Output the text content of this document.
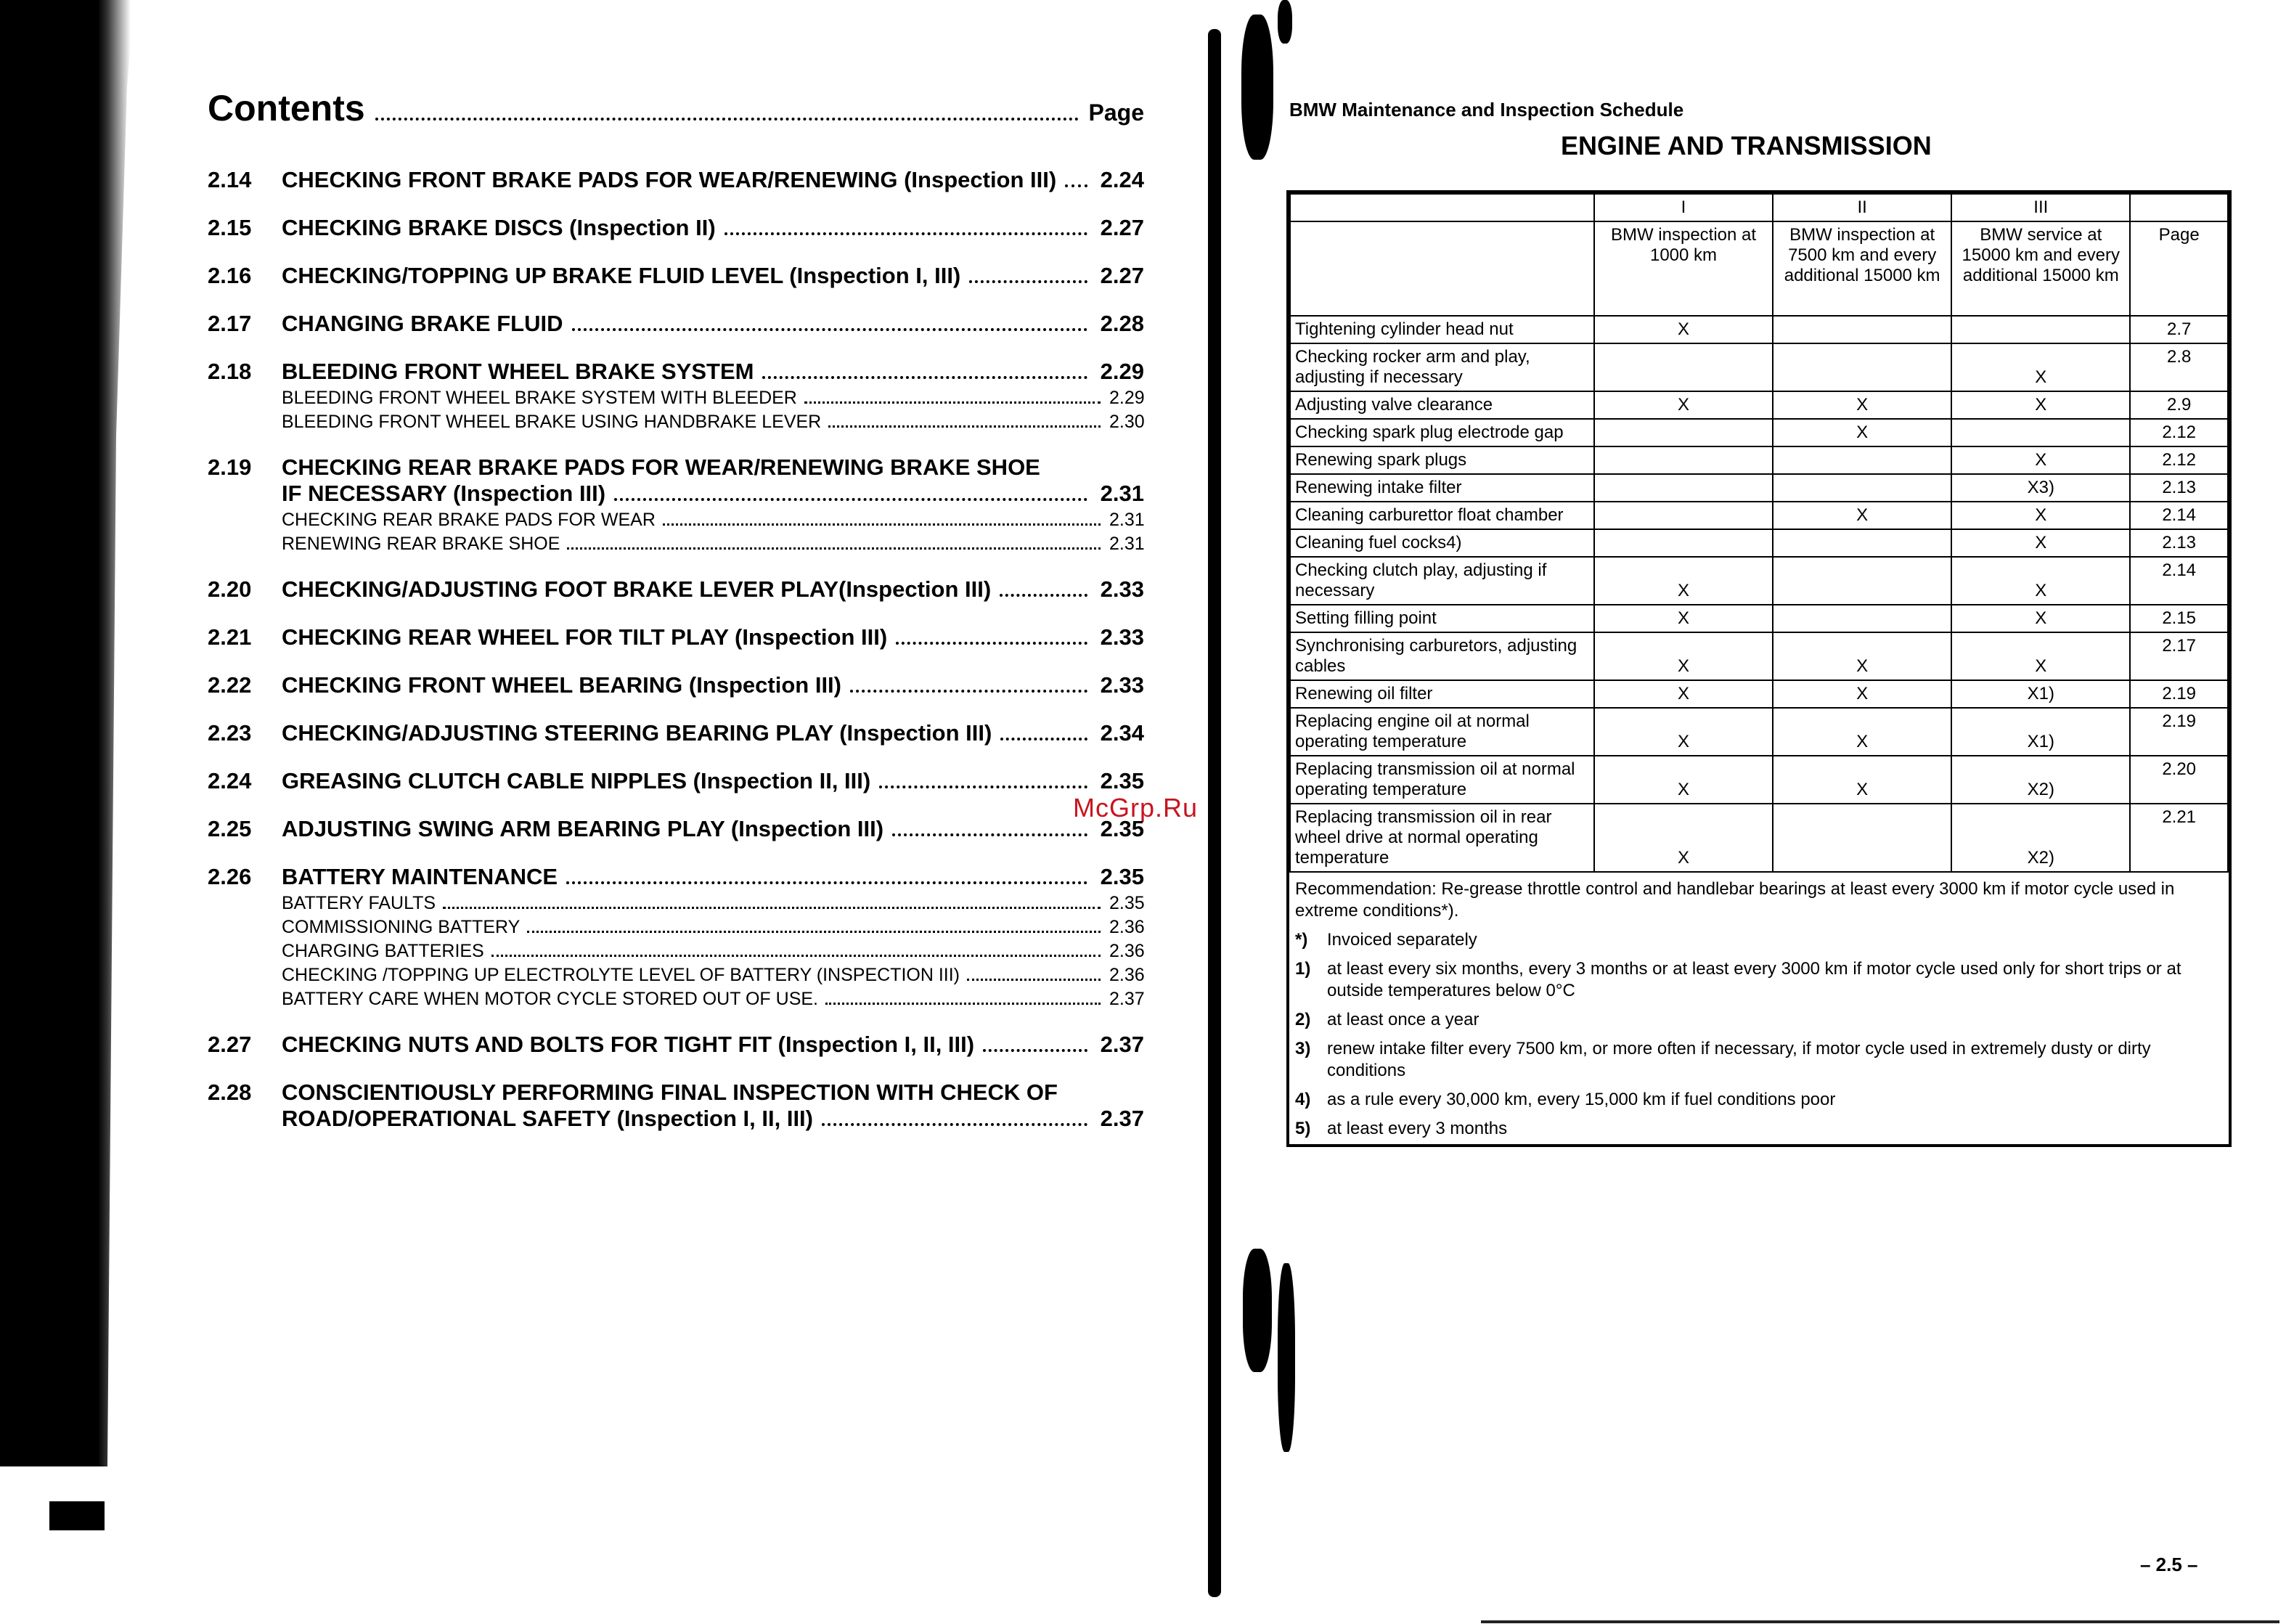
McGrp.Ru
Contents	Page
2.14	CHECKING FRONT BRAKE PADS FOR WEAR/RENEWING (Inspection III) 2.24
2.15	CHECKING BRAKE DISCS (Inspection II)	2.27
2.16	CHECKING/TOPPING UP BRAKE FLUID LEVEL (Inspection I, III)	2.27
2.17	CHANGING BRAKE FLUID	2.28
2.18	BLEEDING FRONT WHEEL BRAKE SYSTEM	2.29
BLEEDING FRONT WHEEL BRAKE SYSTEM WITH BLEEDER	2.29
BLEEDING FRONT WHEEL BRAKE USING HANDBRAKE LEVER	2.30
2.19	CHECKING REAR BRAKE PADS FOR WEAR/RENEWING BRAKE SHOE
IF NECESSARY (Inspection III)	2.31
CHECKING REAR BRAKE PADS FOR WEAR	2.31
RENEWING REAR BRAKE SHOE	2.31
2.20	CHECKING/ADJUSTING FOOT BRAKE LEVER PLAY(Inspection III)	2.33
2.21	CHECKING REAR WHEEL FOR TILT PLAY (Inspection III)	2.33
2.22	CHECKING FRONT WHEEL BEARING (Inspection III)	2.33
2.23	CHECKING/ADJUSTING STEERING BEARING PLAY (Inspection III)	2.34
2.24	GREASING CLUTCH CABLE NIPPLES (Inspection II, III)	2.35
2.25	ADJUSTING SWING ARM BEARING PLAY (Inspection III)	2.35
2.26	BATTERY MAINTENANCE	2.35
BATTERY FAULTS	2.35
COMMISSIONING BATTERY	2.36
CHARGING BATTERIES	2.36
CHECKING /TOPPING UP ELECTROLYTE LEVEL OF BATTERY (INSPECTION III)	2.36
BATTERY CARE WHEN MOTOR CYCLE STORED OUT OF USE.	2.37
2.27	CHECKING NUTS AND BOLTS FOR TIGHT FIT (Inspection I, II, III)	2.37
2.28	CONSCIENTIOUSLY PERFORMING FINAL INSPECTION WITH CHECK OF
ROAD/OPERATIONAL SAFETY (Inspection I, II, III)	2.37
BMW Maintenance and Inspection Schedule
ENGINE AND TRANSMISSION
	I	II	III	
	BMW inspection at 1000 km	BMW inspection at 7500 km and every additional 15000 km	BMW service at 15000 km and every additional 15000 km	Page
Tightening cylinder head nut	X			2.7
Checking rocker arm and play, adjusting if necessary			X	2.8
Adjusting valve clearance	X	X	X	2.9
Checking spark plug electrode gap		X		2.12
Renewing spark plugs			X	2.12
Renewing intake filter			X3)	2.13
Cleaning carburettor float chamber		X	X	2.14
Cleaning fuel cocks4)			X	2.13
Checking clutch play, adjusting if necessary	X		X	2.14
Setting filling point	X		X	2.15
Synchronising carburetors, adjusting cables	X	X	X	2.17
Renewing oil filter	X	X	X1)	2.19
Replacing engine oil at normal operating temperature	X	X	X1)	2.19
Replacing transmission oil at normal operating temperature	X	X	X2)	2.20
Replacing transmission oil in rear wheel drive at normal operating temperature	X		X2)	2.21
Recommendation: Re-grease throttle control and handlebar bearings at least every 3000 km if motor cycle used in extreme conditions*).
*)	Invoiced separately
1) at least every six months, every 3 months or at least every 3000 km if motor cycle used only for short trips or at outside temperatures below 0°C
2) at least once a year
3) renew intake filter every 7500 km, or more often if necessary, if motor cycle used in extremely dusty or dirty conditions
4) as a rule every 30,000 km, every 15,000 km if fuel conditions poor
5) at least every 3 months
– 2.5 –
